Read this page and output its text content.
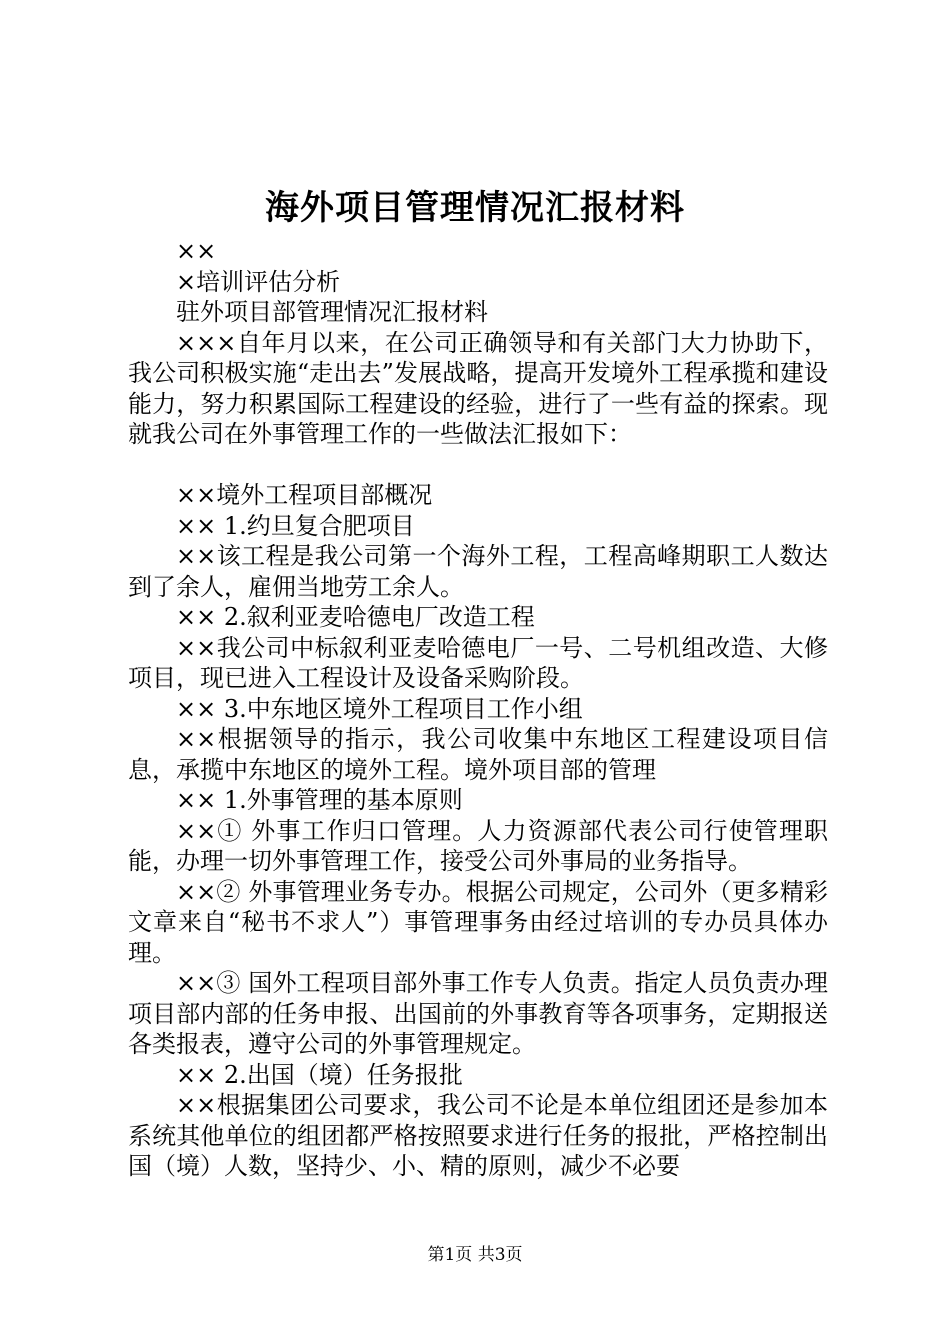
海外项目管理情况汇报材料

××

×培训评估分析

驻外项目部管理情况汇报材料

×××自年月以来，在公司正确领导和有关部门大力协助下，我公司积极实施“走出去”发展战略，提高开发境外工程承揽和建设能力，努力积累国际工程建设的经验，进行了一些有益的探索。现就我公司在外事管理工作的一些做法汇报如下：

××境外工程项目部概况

×× 1.约旦复合肥项目

××该工程是我公司第一个海外工程，工程高峰期职工人数达到了余人，雇佣当地劳工余人。

×× 2.叙利亚麦哈德电厂改造工程

××我公司中标叙利亚麦哈德电厂一号、二号机组改造、大修项目，现已进入工程设计及设备采购阶段。

×× 3.中东地区境外工程项目工作小组

××根据领导的指示，我公司收集中东地区工程建设项目信息，承揽中东地区的境外工程。境外项目部的管理

×× 1.外事管理的基本原则

××① 外事工作归口管理。人力资源部代表公司行使管理职能，办理一切外事管理工作，接受公司外事局的业务指导。

××② 外事管理业务专办。根据公司规定，公司外（更多精彩文章来自“秘书不求人”）事管理事务由经过培训的专办员具体办理。

××③ 国外工程项目部外事工作专人负责。指定人员负责办理项目部内部的任务申报、出国前的外事教育等各项事务，定期报送各类报表，遵守公司的外事管理规定。

×× 2.出国（境）任务报批

××根据集团公司要求，我公司不论是本单位组团还是参加本系统其他单位的组团都严格按照要求进行任务的报批，严格控制出国（境）人数，坚持少、小、精的原则，减少不必要

第1页 共3页
